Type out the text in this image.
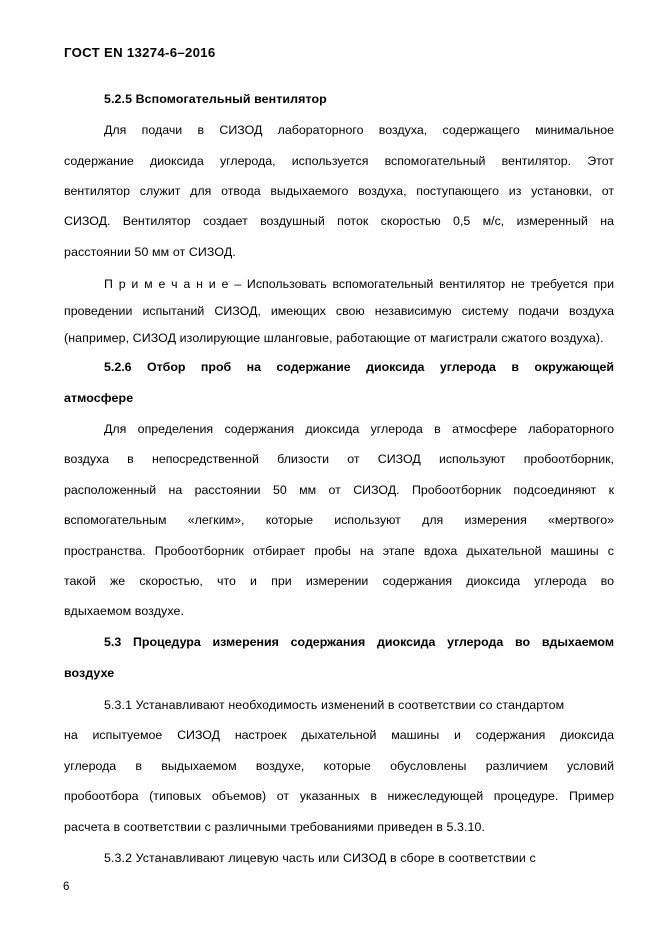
ГОСТ EN 13274-6–2016
5.2.5 Вспомогательный вентилятор
Для подачи в СИЗОД лабораторного воздуха, содержащего минимальное
содержание диоксида углерода, используется вспомогательный вентилятор. Этот
вентилятор служит для отвода выдыхаемого воздуха, поступающего из установки, от
СИЗОД. Вентилятор создает воздушный поток скоростью 0,5 м/с, измеренный на
расстоянии 50 мм от СИЗОД.
П р и м е ч а н и е – Использовать вспомогательный вентилятор не требуется при
проведении испытаний СИЗОД, имеющих свою независимую систему подачи воздуха
(например, СИЗОД изолирующие шланговые, работающие от магистрали сжатого воздуха).
5.2.6 Отбор проб на содержание диоксида углерода в окружающей
атмосфере
Для определения содержания диоксида углерода в атмосфере лабораторного
воздуха в непосредственной близости от СИЗОД используют пробоотборник,
расположенный на расстоянии 50 мм от СИЗОД. Пробоотборник подсоединяют к
вспомогательным «легким», которые используют для измерения «мертвого»
пространства. Пробоотборник отбирает пробы на этапе вдоха дыхательной машины с
такой же скоростью, что и при измерении содержания диоксида углерода во
вдыхаемом воздухе.
5.3 Процедура измерения содержания диоксида углерода во вдыхаемом
воздухе
5.3.1 Устанавливают необходимость изменений в соответствии со стандартом
на испытуемое СИЗОД настроек дыхательной машины и содержания диоксида
углерода в выдыхаемом воздухе, которые обусловлены различием условий
пробоотбора (типовых объемов) от указанных в нижеследующей процедуре. Пример
расчета в соответствии с различными требованиями приведен в 5.3.10.
5.3.2 Устанавливают лицевую часть или СИЗОД в сборе в соответствии с
6
